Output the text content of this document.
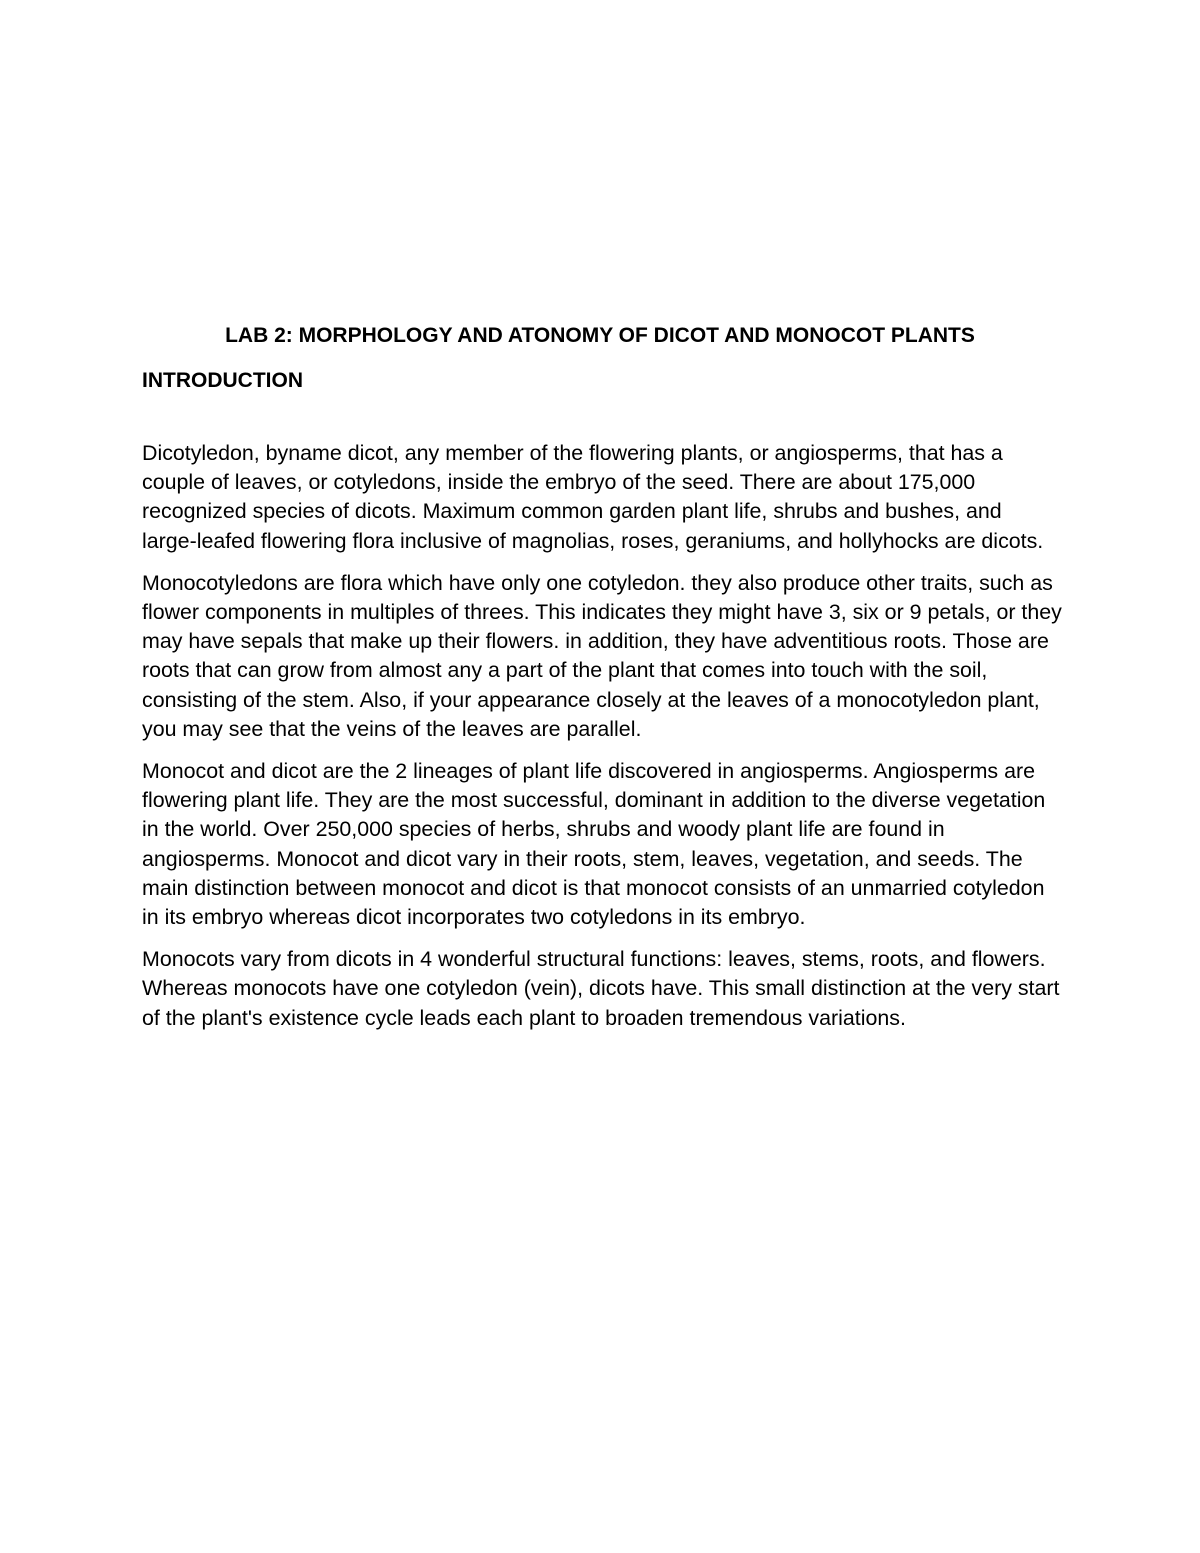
LAB 2: MORPHOLOGY AND ATONOMY OF DICOT AND MONOCOT PLANTS
INTRODUCTION

Dicotyledon, byname dicot, any member of the flowering plants, or angiosperms, that has a couple of leaves, or cotyledons, inside the embryo of the seed. There are about 175,000 recognized species of dicots. Maximum common garden plant life, shrubs and bushes, and large-leafed flowering flora inclusive of magnolias, roses, geraniums, and hollyhocks are dicots.

Monocotyledons are flora which have only one cotyledon. they also produce other traits, such as flower components in multiples of threes. This indicates they might have 3, six or 9 petals, or they may have sepals that make up their flowers. in addition, they have adventitious roots. Those are roots that can grow from almost any a part of the plant that comes into touch with the soil, consisting of the stem. Also, if your appearance closely at the leaves of a monocotyledon plant, you may see that the veins of the leaves are parallel.

Monocot and dicot are the 2 lineages of plant life discovered in angiosperms. Angiosperms are flowering plant life. They are the most successful, dominant in addition to the diverse vegetation in the world. Over 250,000 species of herbs, shrubs and woody plant life are found in angiosperms. Monocot and dicot vary in their roots, stem, leaves, vegetation, and seeds. The main distinction between monocot and dicot is that monocot consists of an unmarried cotyledon in its embryo whereas dicot incorporates two cotyledons in its embryo.

Monocots vary from dicots in 4 wonderful structural functions: leaves, stems, roots, and flowers. Whereas monocots have one cotyledon (vein), dicots have. This small distinction at the very start of the plant's existence cycle leads each plant to broaden tremendous variations.
